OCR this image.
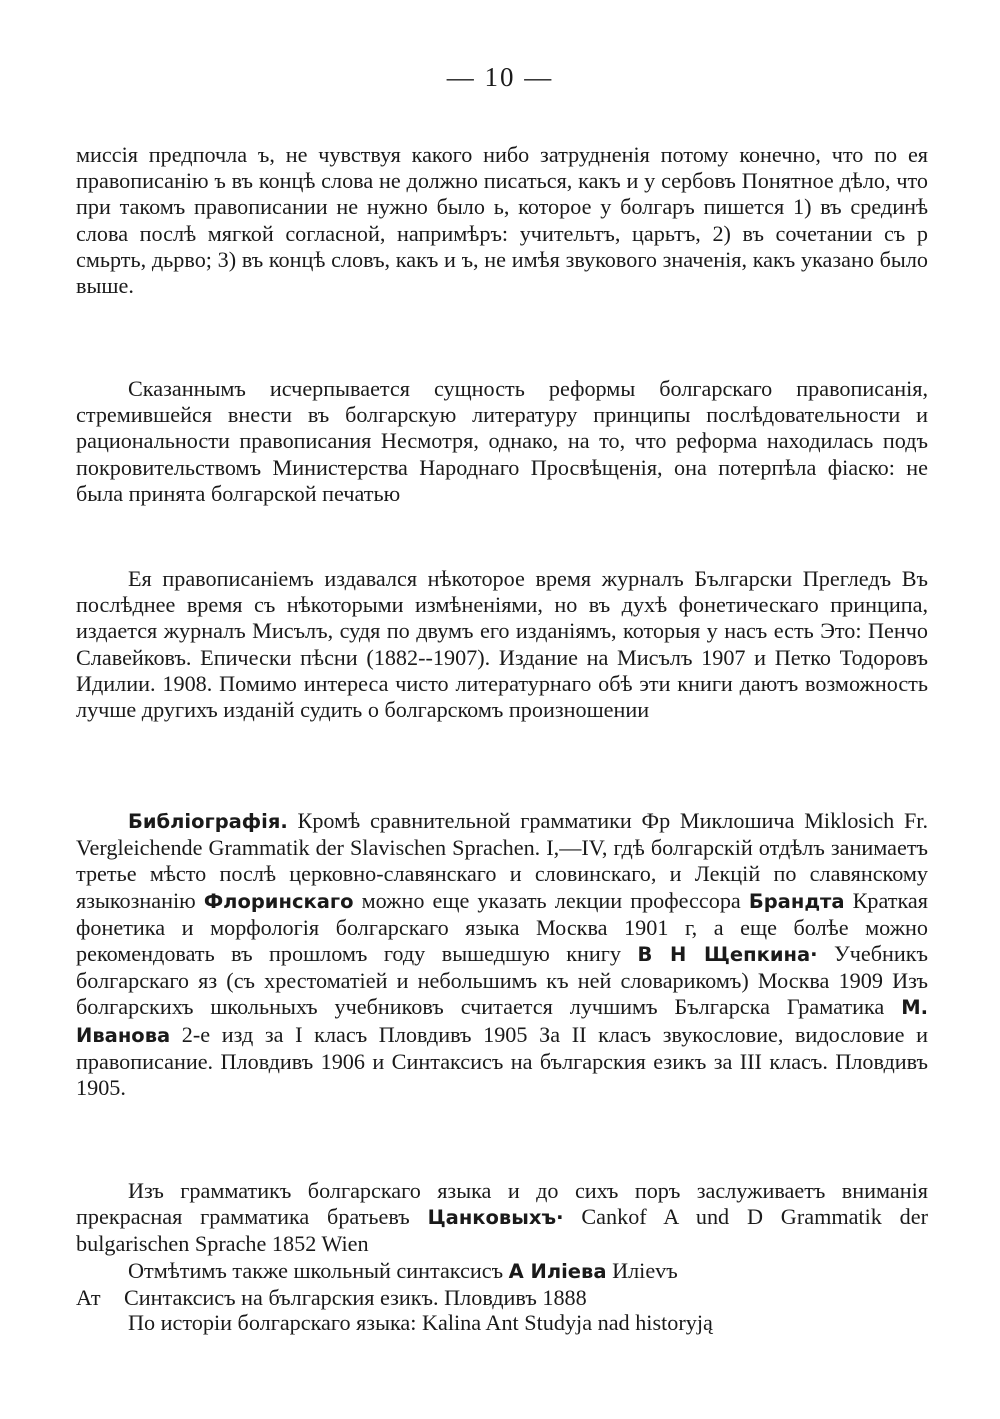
— 10 —

миссія предпочла ъ, не чувствуя какого нибо затрудненія потому конечно, что по ея правописанію ъ въ концѣ слова не должно писаться, какъ и у сербовъ Понятное дѣло, что при такомъ правописании не нужно было ь, которое у болгаръ пишется 1) въ срединѣ слова послѣ мягкой согласной, напримѣръ: учительтъ, царьтъ, 2) въ сочетании съ р смьрть, дьрво; 3) въ концѣ словъ, какъ и ъ, не имѣя звукового значенія, какъ указано было выше.

Сказаннымъ исчерпывается сущность реформы болгарскаго правописанія, стремившейся внести въ болгарскую литературу принципы послѣдовательности и рациональности правописания Несмотря, однако, на то, что реформа находилась подъ покровительствомъ Министерства Народнаго Просвѣщенія, она потерпѣла фіаско: не была принята болгарской печатью

Ея правописаніемъ издавался нѣкоторое время журналъ Български Прегледъ Въ послѣднее время съ нѣкоторыми измѣненіями, но въ духѣ фонетическаго принципа, издается журналъ Мисълъ, судя по двумъ его изданіямъ, которыя у насъ есть Это: Пенчо Славейковъ. Епически пѣсни (1882--1907). Издание на Мисълъ 1907 и Петко Тодоровъ Идилии. 1908. Помимо интереса чисто литературнаго обѣ эти книги даютъ возможность лучше другихъ изданій судить о болгарскомъ произношении

Библіографія. Кромѣ сравнительной грамматики Фр Миклошича Miklosich Fr. Vergleichende Grammatik der Slavischen Sprachen. I,—IV, гдѣ болгарскій отдѣлъ занимаетъ третье мѣсто послѣ церковно-славянскаго и словинскаго, и Лекцій по славянскому языкознанію Флоринскаго можно еще указать лекции профессора Брандта Краткая фонетика и морфологія болгарскаго языка Москва 1901 г, а еще болѣе можно рекомендовать въ прошломъ году вышедшую книгу В Н Щепкина· Учебникъ болгарскаго яз (съ хрестоматіей и небольшимъ къ ней словарикомъ) Москва 1909 Изъ болгарскихъ школьныхъ учебниковъ считается лучшимъ Българска Граматика М. Иванова 2-е изд за I класъ Пловдивъ 1905 За II класъ звукословие, видословие и правописание. Пловдивъ 1906 и Синтаксисъ на българския езикъ за III класъ. Пловдивъ 1905.

Изъ грамматикъ болгарскаго языка и до сихъ поръ заслуживаетъ вниманія прекрасная грамматика братьевъ Цанковыхъ· Cankof A und D Grammatik der bulgarischen Sprache 1852 Wien

Отмѣтимъ также школьный синтаксисъ А Иліева Илievъ
Ат Синтаксисъ на българския езикъ. Пловдивъ 1888

По исторіи болгарскаго языка: Kalina Ant Studyja nad historyją
